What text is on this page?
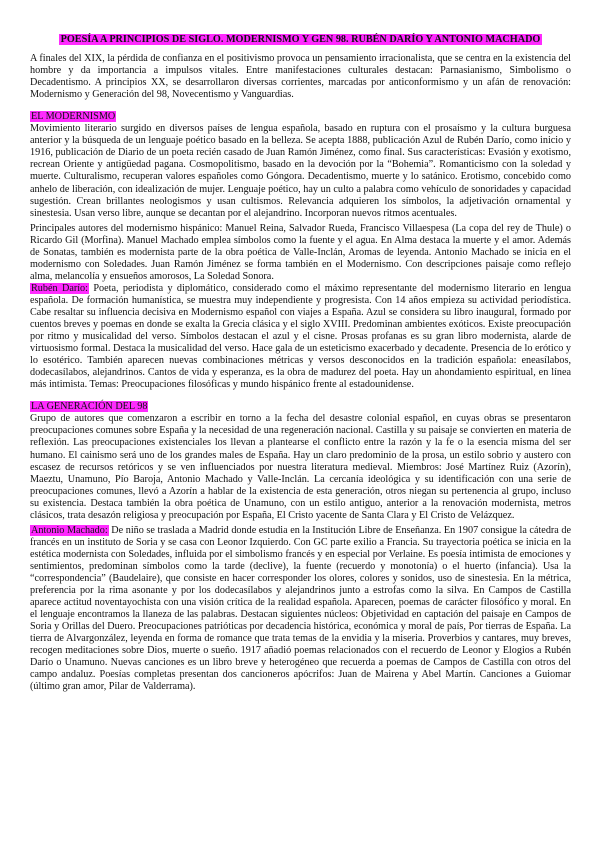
POESÍA A PRINCIPIOS DE SIGLO. MODERNISMO Y GEN 98. RUBÉN DARÍO Y ANTONIO MACHADO

A finales del XIX, la pérdida de confianza en el positivismo provoca un pensamiento irracionalista, que se centra en la existencia del hombre y da importancia a impulsos vitales. Entre manifestaciones culturales destacan: Parnasianismo, Simbolismo o Decadentismo. A principios XX, se desarrollaron diversas corrientes, marcadas por anticonformismo y un afán de renovación: Modernismo y Generación del 98, Novecentismo y Vanguardias.

EL MODERNISMO

Movimiento literario surgido en diversos países de lengua española, basado en ruptura con el prosaísmo y la cultura burguesa anterior y la búsqueda de un lenguaje poético basado en la belleza. Se acepta 1888, publicación Azul de Rubén Darío, como inicio y 1916, publicación de Diario de un poeta recién casado de Juan Ramón Jiménez, como final. Sus características: Evasión y exotismo, recrean Oriente y antigüedad pagana. Cosmopolitismo, basado en la devoción por la “Bohemia”. Romanticismo con la soledad y muerte. Culturalismo, recuperan valores españoles como Góngora. Decadentismo, muerte y lo satánico. Erotismo, concebido como anhelo de liberación, con idealización de mujer. Lenguaje poético, hay un culto a palabra como vehículo de sonoridades y capacidad sugestión. Crean brillantes neologismos y usan cultismos. Relevancia adquieren los símbolos, la adjetivación ornamental y sinestesia. Usan verso libre, aunque se decantan por el alejandrino. Incorporan nuevos ritmos acentuales.

Principales autores del modernismo hispánico: Manuel Reina, Salvador Rueda, Francisco Villaespesa (La copa del rey de Thule) o Ricardo Gil (Morfina). Manuel Machado emplea símbolos como la fuente y el agua. En Alma destaca la muerte y el amor. Además de Sonatas, también es modernista parte de la obra poética de Valle-Inclán, Aromas de leyenda. Antonio Machado se inicia en el modernismo con Soledades. Juan Ramón Jiménez se forma también en el Modernismo. Con descripciones paisaje como reflejo alma, melancolía y ensueños amorosos, La Soledad Sonora.

Rubén Darío: Poeta, periodista y diplomático, considerado como el máximo representante del modernismo literario en lengua española. De formación humanística, se muestra muy independiente y progresista. Con 14 años empieza su actividad periodística. Cabe resaltar su influencia decisiva en Modernismo español con viajes a España. Azul se considera su libro inaugural, formado por cuentos breves y poemas en donde se exalta la Grecia clásica y el siglo XVIII. Predominan ambientes exóticos. Existe preocupación por ritmo y musicalidad del verso. Símbolos destacan el azul y el cisne. Prosas profanas es su gran libro modernista, alarde de virtuosismo formal. Destaca la musicalidad del verso. Hace gala de un esteticismo exacerbado y decadente. Presencia de lo erótico y lo esotérico. También aparecen nuevas combinaciones métricas y versos desconocidos en la tradición española: eneasílabos, dodecasílabos, alejandrinos. Cantos de vida y esperanza, es la obra de madurez del poeta. Hay un ahondamiento espiritual, en línea más intimista. Temas: Preocupaciones filosóficas y mundo hispánico frente al estadounidense.

LA GENERACIÓN DEL 98

Grupo de autores que comenzaron a escribir en torno a la fecha del desastre colonial español, en cuyas obras se presentaron preocupaciones comunes sobre España y la necesidad de una regeneración nacional. Castilla y su paisaje se convierten en materia de reflexión. Las preocupaciones existenciales los llevan a plantearse el conflicto entre la razón y la fe o la esencia misma del ser humano. El cainismo será uno de los grandes males de España. Hay un claro predominio de la prosa, un estilo sobrio y austero con escasez de recursos retóricos y se ven influenciados por nuestra literatura medieval. Miembros: José Martínez Ruiz (Azorín), Maeztu, Unamuno, Pío Baroja, Antonio Machado y Valle-Inclán. La cercanía ideológica y su identificación con una serie de preocupaciones comunes, llevó a Azorín a hablar de la existencia de esta generación, otros niegan su pertenencia al grupo, incluso su existencia. Destaca también la obra poética de Unamuno, con un estilo antiguo, anterior a la renovación modernista, metros clásicos, trata desazón religiosa y preocupación por España, El Cristo yacente de Santa Clara y El Cristo de Velázquez.

Antonio Machado: De niño se traslada a Madrid donde estudia en la Institución Libre de Enseñanza. En 1907 consigue la cátedra de francés en un instituto de Soria y se casa con Leonor Izquierdo. Con GC parte exilio a Francia. Su trayectoria poética se inicia en la estética modernista con Soledades, influida por el simbolismo francés y en especial por Verlaine. Es poesía intimista de emociones y sentimientos, predominan símbolos como la tarde (declive), la fuente (recuerdo y monotonía) o el huerto (infancia). Usa la “correspondencia” (Baudelaire), que consiste en hacer corresponder los olores, colores y sonidos, uso de sinestesia. En la métrica, preferencia por la rima asonante y por los dodecasílabos y alejandrinos junto a estrofas como la silva. En Campos de Castilla aparece actitud noventayochista con una visión crítica de la realidad española. Aparecen, poemas de carácter filosófico y moral. En el lenguaje encontramos la llaneza de las palabras. Destacan siguientes núcleos: Objetividad en captación del paisaje en Campos de Soria y Orillas del Duero. Preocupaciones patrióticas por decadencia histórica, económica y moral de país, Por tierras de España. La tierra de Alvargonzález, leyenda en forma de romance que trata temas de la envidia y la miseria. Proverbios y cantares, muy breves, recogen meditaciones sobre Dios, muerte o sueño. 1917 añadió poemas relacionados con el recuerdo de Leonor y Elogios a Rubén Darío o Unamuno. Nuevas canciones es un libro breve y heterogéneo que recuerda a poemas de Campos de Castilla con otros del campo andaluz. Poesías completas presentan dos cancioneros apócrifos: Juan de Mairena y Abel Martín. Canciones a Guiomar (último gran amor, Pilar de Valderrama).
